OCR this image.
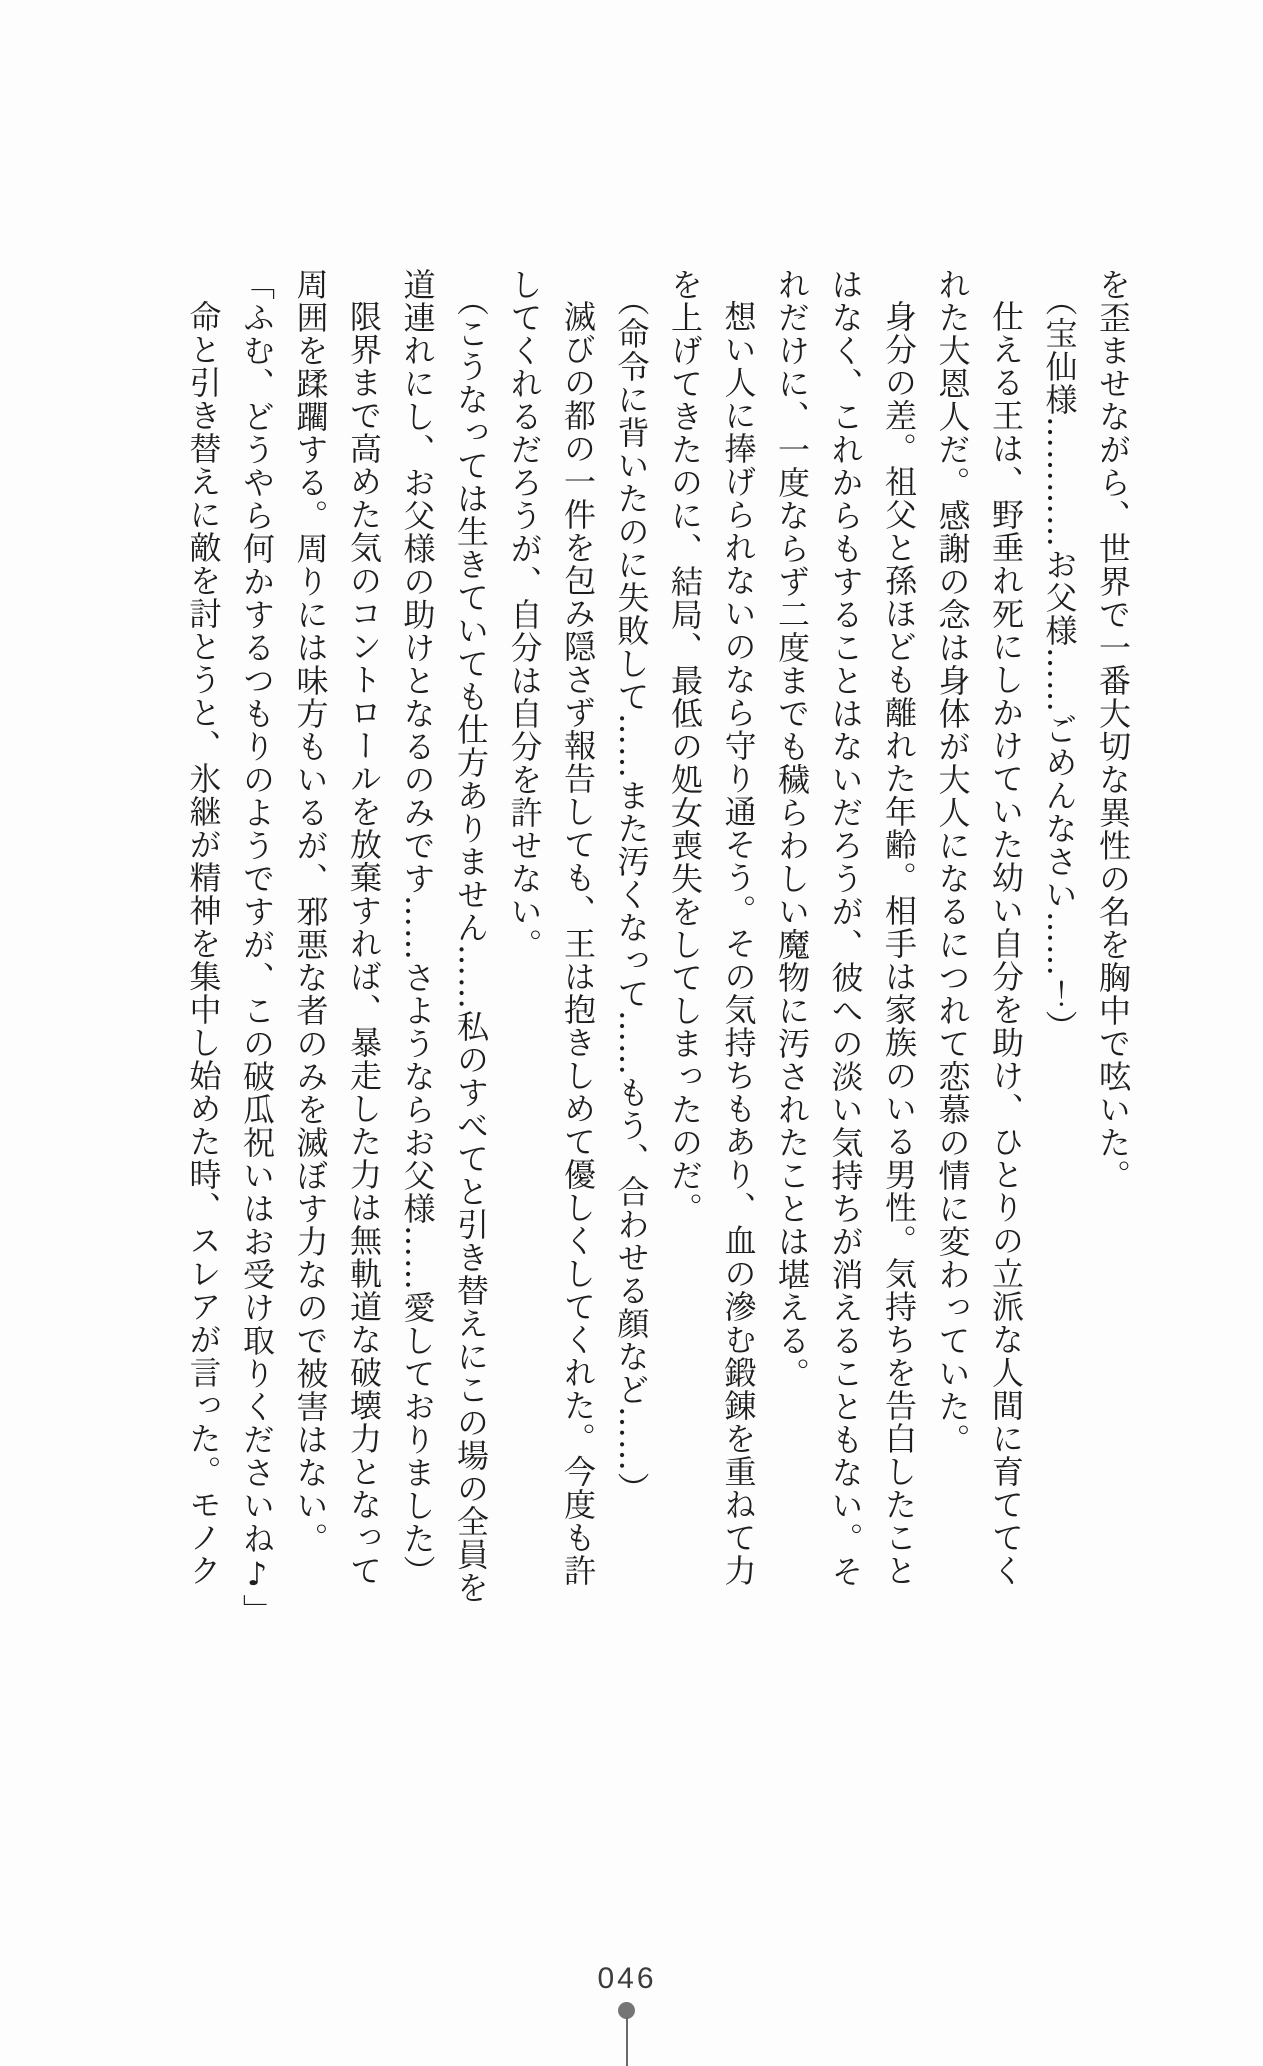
を歪ませながら、世界で一番大切な異性の名を胸中で呟いた。

（宝仙様…………お父様……ごめんなさい……！）

仕える王は、野垂れ死にしかけていた幼い自分を助け、ひとりの立派な人間に育ててく

れた大恩人だ。感謝の念は身体が大人になるにつれて恋慕の情に変わっていた。

身分の差。祖父と孫ほども離れた年齢。相手は家族のいる男性。気持ちを告白したこと

はなく、これからもすることはないだろうが、彼への淡い気持ちが消えることもない。そ

れだけに、一度ならず二度までも穢らわしい魔物に汚されたことは堪える。

想い人に捧げられないのなら守り通そう。その気持ちもあり、血の滲む鍛錬を重ねて力

を上げてきたのに、結局、最低の処女喪失をしてしまったのだ。

（命令に背いたのに失敗して……また汚くなって……もう、合わせる顔など……）

滅びの都の一件を包み隠さず報告しても、王は抱きしめて優しくしてくれた。今度も許

してくれるだろうが、自分は自分を許せない。

（こうなっては生きていても仕方ありません……私のすべてと引き替えにこの場の全員を

道連れにし、お父様の助けとなるのみです……さようならお父様……愛しておりました）

限界まで高めた気のコントロールを放棄すれば、暴走した力は無軌道な破壊力となって

周囲を蹂躙する。周りには味方もいるが、邪悪な者のみを滅ぼす力なので被害はない。

「ふむ、どうやら何かするつもりのようですが、この破瓜祝いはお受け取りくださいね♪」

命と引き替えに敵を討とうと、氷継が精神を集中し始めた時、スレアが言った。モノク

046
